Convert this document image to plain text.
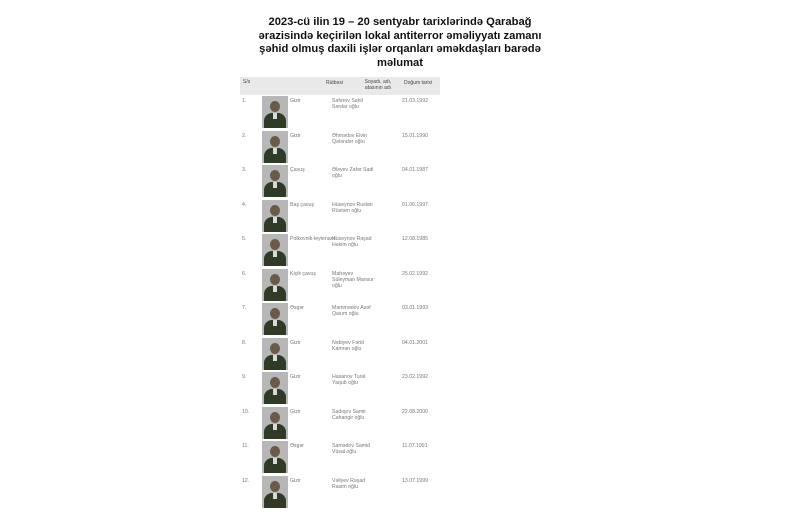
2023-cü ilin 19 – 20 sentyabr tarixlərində Qarabağ
ərazisində keçirilən lokal antiterror əməliyyatı zamanı
şəhid olmuş daxili işlər orqanları əməkdaşları barədə
məlumat
S/s	Rütbəsi	Soyadı, adı,
atasının adı
Doğum tarixi
1.	Gizir	Səfərov Sahil
Sərdar oğlu
21.03.1992
2.	Gizir	Əhmədov Elvin
Qələndər oğlu
15.01.1990
3.	Çavuş	Ələyev Zafər Sadi
oğlu
04.01.1987
4.	Baş çavuş	Hüseynov Ruslan
Rüstəm oğlu
01.06.1997
5.	Polkovnik-leytenant
Hüseynov Rəşad
Həkim oğlu
12.08.1985
6.	Kiçik çavuş	Mahəyev
Süleyman Mansur
oğlu
25.02.1992
7.	Əsgər	Məmmədov Asəf
Qasım oğlu
03.01.1993
8.	Gizir	Nəbiyev Fərid
Kamran oğlu
04.01.2001
9.	Gizir	Hasanov Tural
Yaqub oğlu
23.02.1992
10.	Gizir	Sadıqov Samir
Cahangir oğlu
22.08.2000
11.	Əsgər	Samədov Samid
Vüsal oğlu
11.07.1991
12.	Gizir	Vəliyev Rəşad
Rasim oğlu
13.07.1999
